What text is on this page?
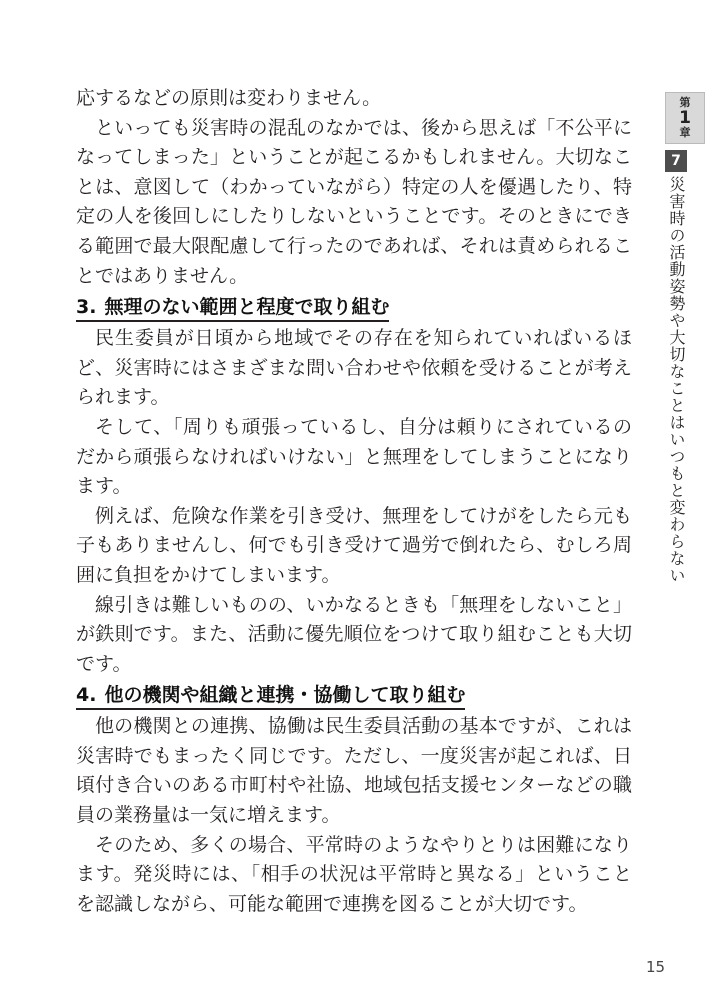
応するなどの原則は変わりません。

といっても災害時の混乱のなかでは、後から思えば「不公平になってしまった」ということが起こるかもしれません。大切なことは、意図して（わかっていながら）特定の人を優遇したり、特定の人を後回しにしたりしないということです。そのときにできる範囲で最大限配慮して行ったのであれば、それは責められることではありません。

3. 無理のない範囲と程度で取り組む

民生委員が日頃から地域でその存在を知られていればいるほど、災害時にはさまざまな問い合わせや依頼を受けることが考えられます。

そして、「周りも頑張っているし、自分は頼りにされているのだから頑張らなければいけない」と無理をしてしまうことになります。

例えば、危険な作業を引き受け、無理をしてけがをしたら元も子もありませんし、何でも引き受けて過労で倒れたら、むしろ周囲に負担をかけてしまいます。

線引きは難しいものの、いかなるときも「無理をしないこと」が鉄則です。また、活動に優先順位をつけて取り組むことも大切です。

4. 他の機関や組織と連携・協働して取り組む

他の機関との連携、協働は民生委員活動の基本ですが、これは災害時でもまったく同じです。ただし、一度災害が起これば、日頃付き合いのある市町村や社協、地域包括支援センターなどの職員の業務量は一気に増えます。

そのため、多くの場合、平常時のようなやりとりは困難になります。発災時には、「相手の状況は平常時と異なる」ということを認識しながら、可能な範囲で連携を図ることが大切です。

第
1
章
7
災害時の活動姿勢や大切なことはいつもと変わらない
15
